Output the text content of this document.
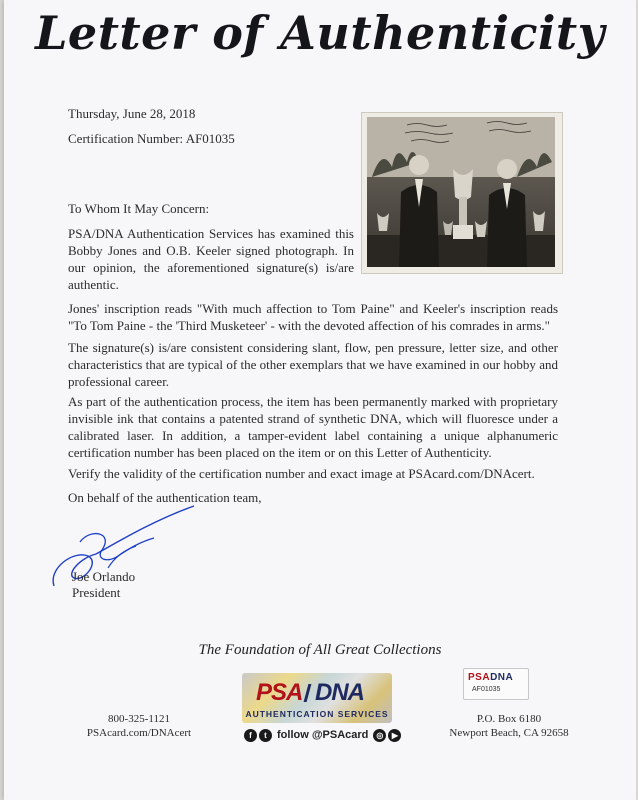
Letter of Authenticity
Thursday, June 28, 2018
Certification Number: AF01035
To Whom It May Concern:
PSA/DNA Authentication Services has examined this Bobby Jones and O.B. Keeler signed photograph. In our opinion, the aforementioned signature(s) is/are authentic.
Jones' inscription reads "With much affection to Tom Paine" and Keeler's inscription reads "To Tom Paine - the 'Third Musketeer' - with the devoted affection of his comrades in arms."
The signature(s) is/are consistent considering slant, flow, pen pressure, letter size, and other characteristics that are typical of the other exemplars that we have examined in our hobby and professional career.
As part of the authentication process, the item has been permanently marked with proprietary invisible ink that contains a patented strand of synthetic DNA, which will fluoresce under a calibrated laser. In addition, a tamper-evident label containing a unique alphanumeric certification number has been placed on the item or on this Letter of Authenticity.
Verify the validity of the certification number and exact image at PSAcard.com/DNAcert.
On behalf of the authentication team,
Joe Orlando
President
The Foundation of All Great Collections
800-325-1121
PSAcard.com/DNAcert
P.O. Box 6180
Newport Beach, CA 92658
PSA DNA
AUTHENTICATION SERVICES
f	t follow @PSAcard	◎	▶
PSADNA
AF01035
